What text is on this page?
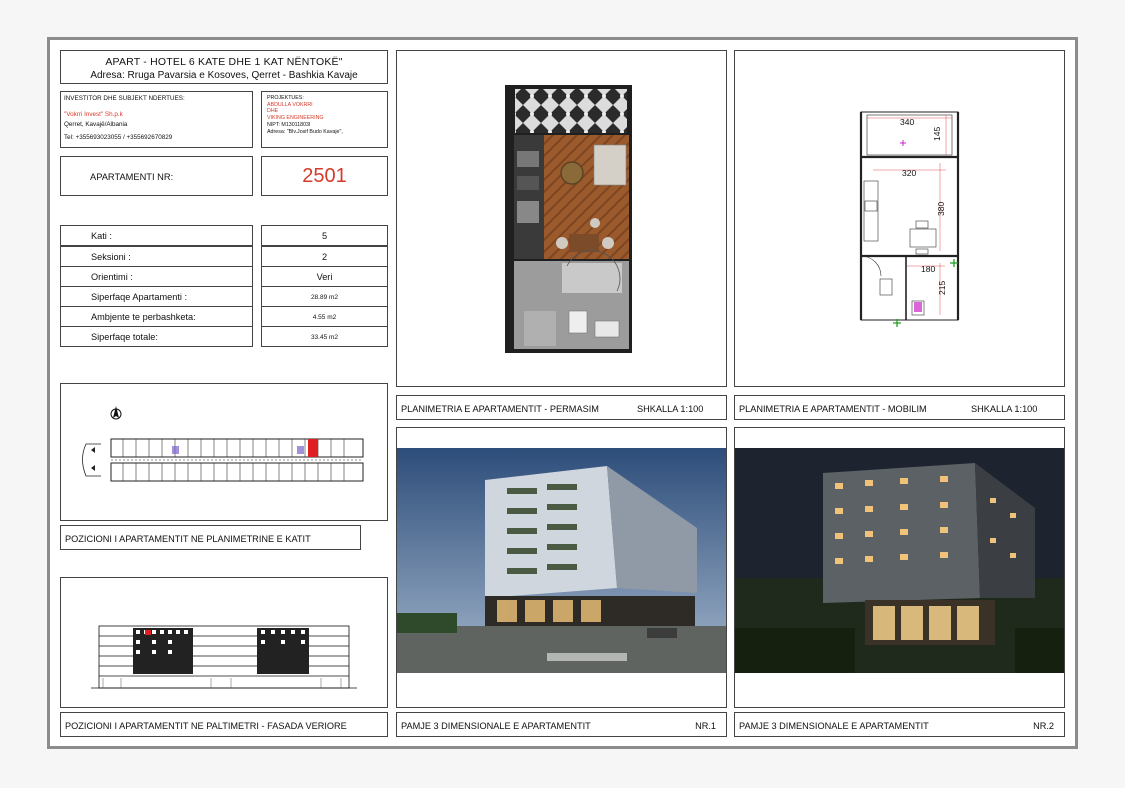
APART - HOTEL 6 KATE DHE 1 KAT NËNTOKË"
Adresa: Rruga Pavarsia e Kosoves, Qerret - Bashkia Kavaje
INVESTITOR DHE SUBJEKT NDERTUES:
"Vokrri Invest" Sh.p.k
Qerret, Kavajë/Albania
Tel: +355693023055 / +355692670829
PROJEKTUES:
ABDULLA VOKRRI
DHE
VIKING ENGINEERING
NIPT: M13011803I
Adresa: "Blv.Josif Budo Kavaje",
APARTAMENTI NR:	2501
Kati :	5
Seksioni :	2
Orientimi :	Veri
Siperfaqe Apartamenti :	28.89 m2
Ambjente te perbashketa:	4.55 m2
Siperfaqe totale:	33.45 m2
POZICIONI I APARTAMENTIT NE PLANIMETRINE E KATIT
POZICIONI I APARTAMENTIT NE PALTIMETRI - FASADA VERIORE
PLANIMETRIA E APARTAMENTIT - PERMASIM	SHKALLA 1:100
340
145
320
380
180
215
PLANIMETRIA E APARTAMENTIT - MOBILIM	SHKALLA 1:100
PAMJE 3 DIMENSIONALE E APARTAMENTIT	NR.1	PAMJE 3 DIMENSIONALE E APARTAMENTIT	NR.2
